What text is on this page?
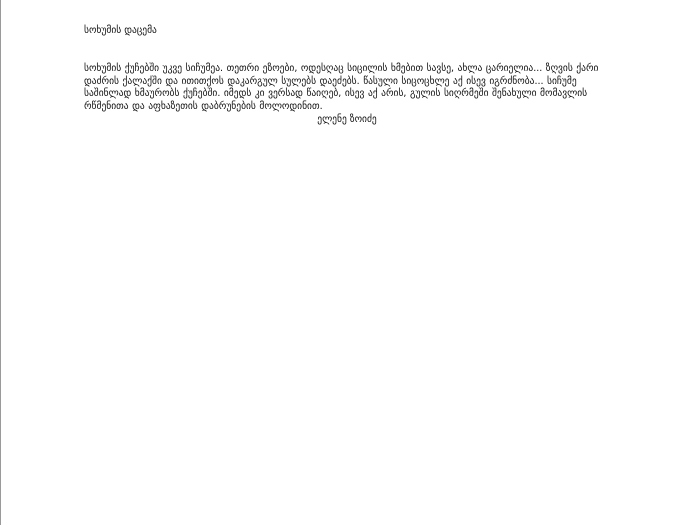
სოხუმის დაცემა

სოხუმის ქუჩებში უკვე სიჩუმეა. თეთრი ეზოები, ოდესღაც სიცილის ხმებით სავსე, ახლა ცარიელია... ზღვის ქარი დაძრის ქალაქში და ითითქოს დაკარგულ სულებს დაეძებს. წასული სიცოცხლე აქ ისევ იგრძნობა... სიჩუმე საშინლად ხმაურობს ქუჩებში. იმედს კი ვერსად წაიღებ, ისევ აქ არის, გულის სიღრმეში შენახული მომავლის რწმენითა და აფხაზეთის დაბრუნების მოლოდინით.

ელენე ზოიძე
